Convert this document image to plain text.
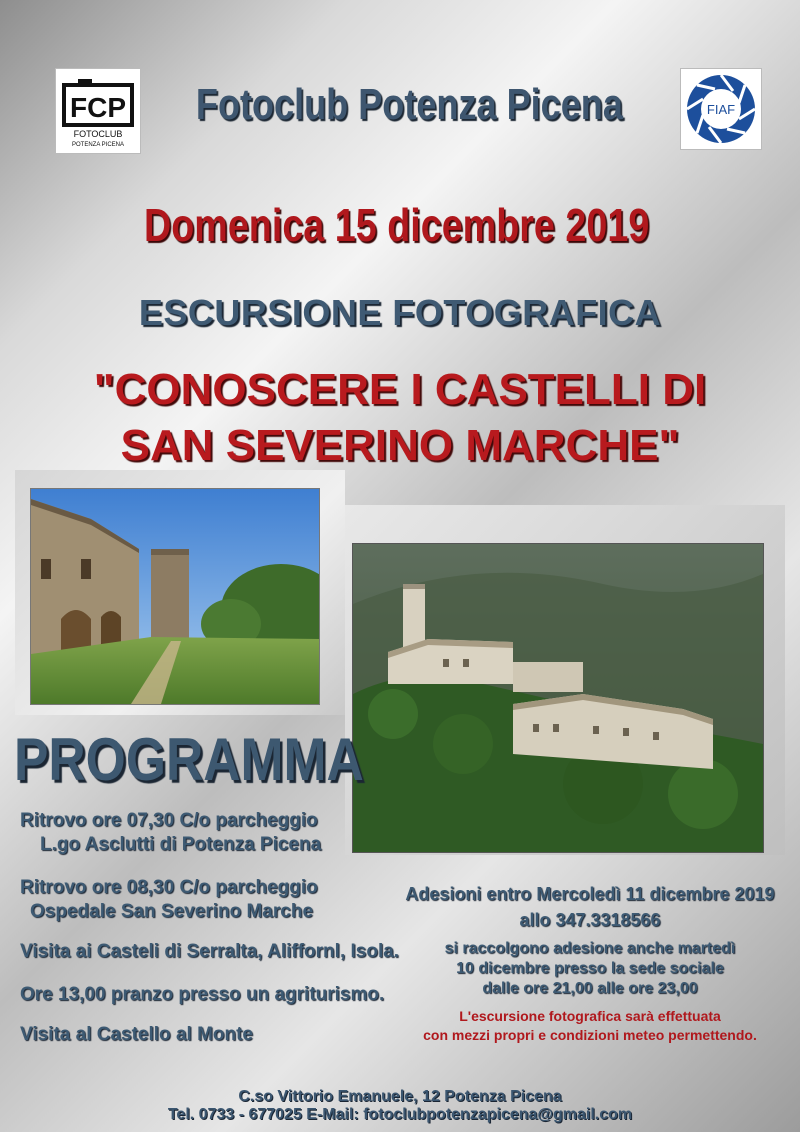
FCP
FOTOCLUB
POTENZA PICENA
Fotoclub Potenza Picena	FIAF
Domenica 15 dicembre 2019
ESCURSIONE FOTOGRAFICA
"CONOSCERE I CASTELLI DI
SAN SEVERINO MARCHE"
PROGRAMMA
Ritrovo ore 07,30 C/o parcheggio
L.go Asclutti di Potenza Picena
Ritrovo ore 08,30 C/o parcheggio
Ospedale San Severino Marche
Visita ai Casteli di Serralta, Aliffornl, Isola.
Ore 13,00 pranzo presso un agriturismo.
Visita al Castello al Monte
Adesioni entro Mercoledì 11 dicembre 2019
allo 347.3318566
si raccolgono adesione anche martedì
10 dicembre presso la sede sociale
dalle ore 21,00 alle ore 23,00
L'escursione fotografica sarà effettuata
con mezzi propri e condizioni meteo permettendo.
C.so Vittorio Emanuele, 12 Potenza Picena
Tel. 0733 - 677025 E-Mail: fotoclubpotenzapicena@gmail.com
